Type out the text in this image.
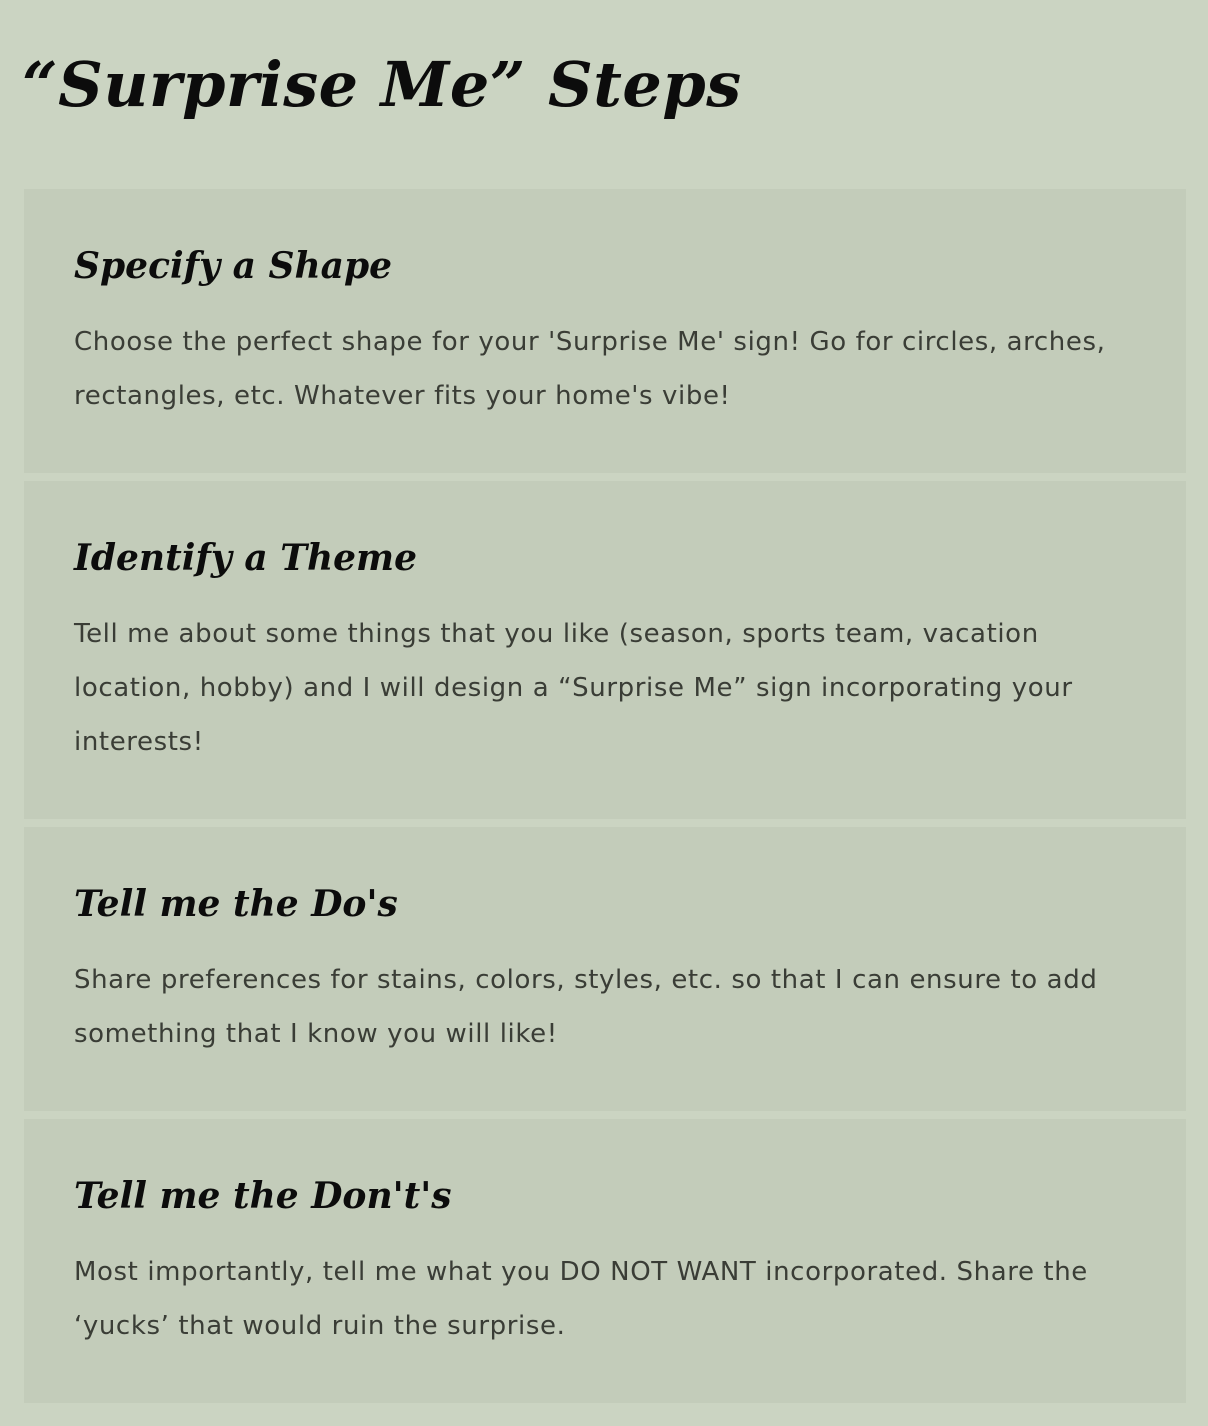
“Surprise Me” Steps
Specify a Shape

Choose the perfect shape for your 'Surprise Me' sign! Go for circles, arches, rectangles, etc. Whatever fits your home's vibe!

Identify a Theme

Tell me about some things that you like (season, sports team, vacation location, hobby) and I will design a “Surprise Me” sign incorporating your interests!

Tell me the Do's

Share preferences for stains, colors, styles, etc. so that I can ensure to add something that I know you will like!

Tell me the Don't's

Most importantly, tell me what you DO NOT WANT incorporated. Share the ‘yucks’ that would ruin the surprise.
